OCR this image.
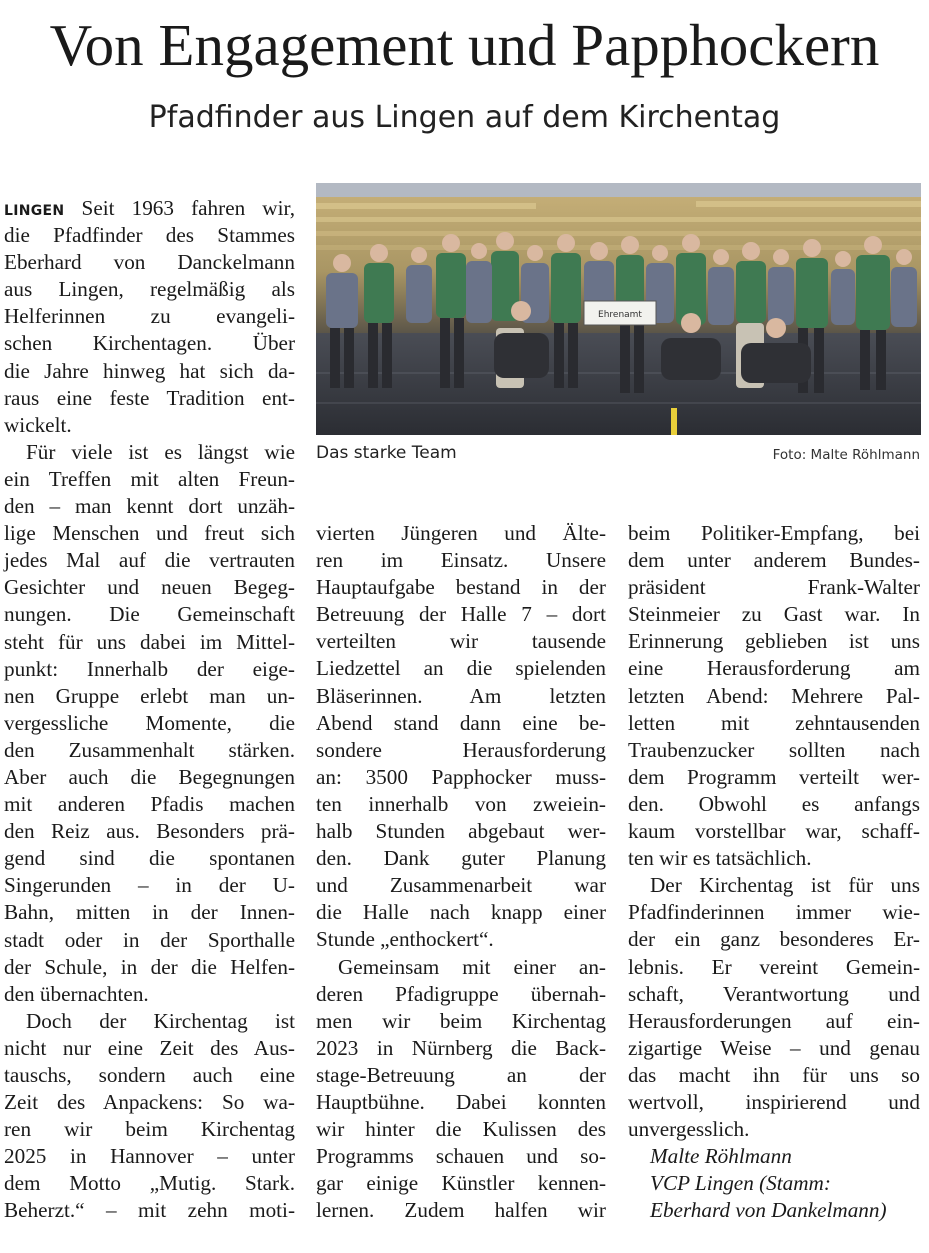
Von Engagement und Papphockern
Pfadfinder aus Lingen auf dem Kirchentag
LINGEN Seit 1963 fahren wir,
die Pfadfinder des Stammes
Eberhard von Danckelmann
aus Lingen, regelmäßig als
Helferinnen zu evangeli-
schen Kirchentagen. Über
die Jahre hinweg hat sich da-
raus eine feste Tradition ent-
wickelt.
Für viele ist es längst wie
ein Treffen mit alten Freun-
den – man kennt dort unzäh-
lige Menschen und freut sich
jedes Mal auf die vertrauten
Gesichter und neuen Begeg-
nungen. Die Gemeinschaft
steht für uns dabei im Mittel-
punkt: Innerhalb der eige-
nen Gruppe erlebt man un-
vergessliche Momente, die
den Zusammenhalt stärken.
Aber auch die Begegnungen
mit anderen Pfadis machen
den Reiz aus. Besonders prä-
gend sind die spontanen
Singerunden – in der U-
Bahn, mitten in der Innen-
stadt oder in der Sporthalle
der Schule, in der die Helfen-
den übernachten.
Doch der Kirchentag ist
nicht nur eine Zeit des Aus-
tauschs, sondern auch eine
Zeit des Anpackens: So wa-
ren wir beim Kirchentag
2025 in Hannover – unter
dem Motto „Mutig. Stark.
Beherzt.“ – mit zehn moti-
Ehrenamt
Das starke Team	Foto: Malte Röhlmann
vierten Jüngeren und Älte-
ren im Einsatz. Unsere
Hauptaufgabe bestand in der
Betreuung der Halle 7 – dort
verteilten wir tausende
Liedzettel an die spielenden
Bläserinnen. Am letzten
Abend stand dann eine be-
sondere Herausforderung
an: 3500 Papphocker muss-
ten innerhalb von zweiein-
halb Stunden abgebaut wer-
den. Dank guter Planung
und Zusammenarbeit war
die Halle nach knapp einer
Stunde „enthockert“.
Gemeinsam mit einer an-
deren Pfadigruppe übernah-
men wir beim Kirchentag
2023 in Nürnberg die Back-
stage-Betreuung an der
Hauptbühne. Dabei konnten
wir hinter die Kulissen des
Programms schauen und so-
gar einige Künstler kennen-
lernen. Zudem halfen wir
beim Politiker-Empfang, bei
dem unter anderem Bundes-
präsident Frank-Walter
Steinmeier zu Gast war. In
Erinnerung geblieben ist uns
eine Herausforderung am
letzten Abend: Mehrere Pal-
letten mit zehntausenden
Traubenzucker sollten nach
dem Programm verteilt wer-
den. Obwohl es anfangs
kaum vorstellbar war, schaff-
ten wir es tatsächlich.
Der Kirchentag ist für uns
Pfadfinderinnen immer wie-
der ein ganz besonderes Er-
lebnis. Er vereint Gemein-
schaft, Verantwortung und
Herausforderungen auf ein-
zigartige Weise – und genau
das macht ihn für uns so
wertvoll, inspirierend und
unvergesslich.
Malte Röhlmann
VCP Lingen (Stamm:
Eberhard von Dankelmann)
